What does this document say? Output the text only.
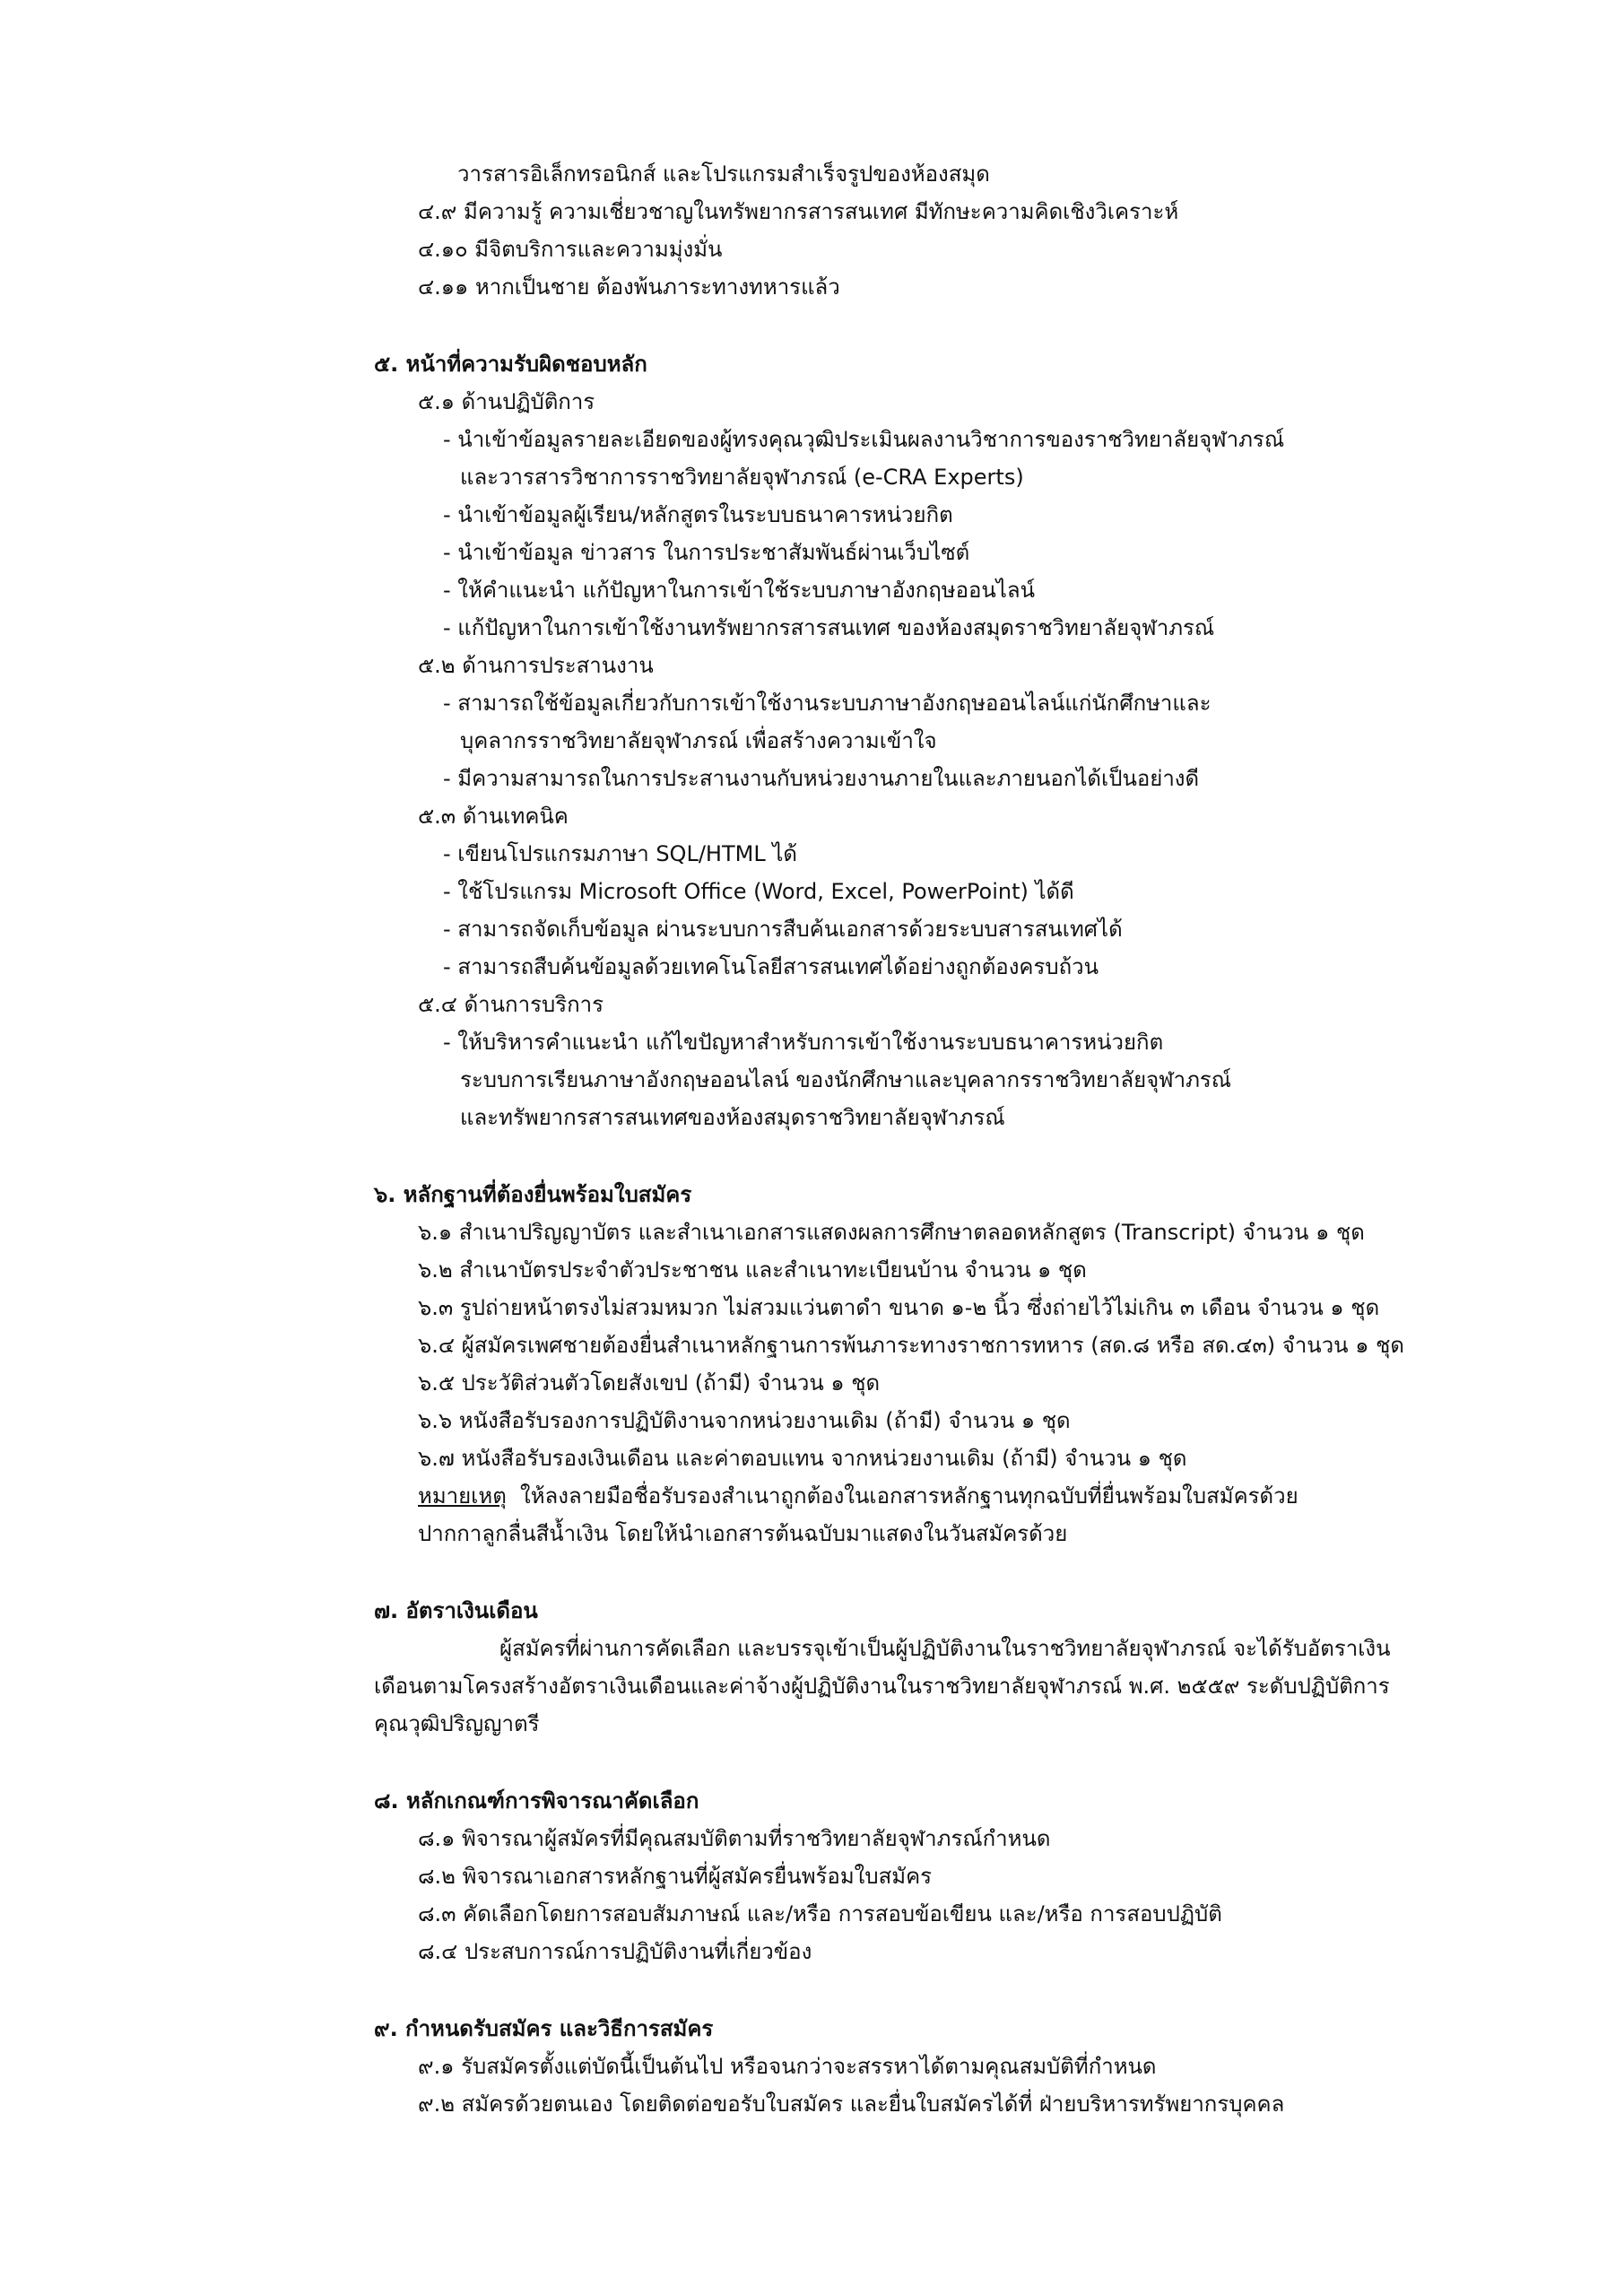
วารสารอิเล็กทรอนิกส์ และโปรแกรมสำเร็จรูปของห้องสมุด
๔.๙ มีความรู้ ความเชี่ยวชาญในทรัพยากรสารสนเทศ มีทักษะความคิดเชิงวิเคราะห์
๔.๑๐ มีจิตบริการและความมุ่งมั่น
๔.๑๑ หากเป็นชาย ต้องพ้นภาระทางทหารแล้ว
๕. หน้าที่ความรับผิดชอบหลัก
๕.๑ ด้านปฏิบัติการ
- นำเข้าข้อมูลรายละเอียดของผู้ทรงคุณวุฒิประเมินผลงานวิชาการของราชวิทยาลัยจุฬาภรณ์
และวารสารวิชาการราชวิทยาลัยจุฬาภรณ์ (e-CRA Experts)
- นำเข้าข้อมูลผู้เรียน/หลักสูตรในระบบธนาคารหน่วยกิต
- นำเข้าข้อมูล ข่าวสาร ในการประชาสัมพันธ์ผ่านเว็บไซต์
- ให้คำแนะนำ แก้ปัญหาในการเข้าใช้ระบบภาษาอังกฤษออนไลน์
- แก้ปัญหาในการเข้าใช้งานทรัพยากรสารสนเทศ ของห้องสมุดราชวิทยาลัยจุฬาภรณ์
๕.๒ ด้านการประสานงาน
- สามารถใช้ข้อมูลเกี่ยวกับการเข้าใช้งานระบบภาษาอังกฤษออนไลน์แก่นักศึกษาและ
บุคลากรราชวิทยาลัยจุฬาภรณ์ เพื่อสร้างความเข้าใจ
- มีความสามารถในการประสานงานกับหน่วยงานภายในและภายนอกได้เป็นอย่างดี
๕.๓ ด้านเทคนิค
- เขียนโปรแกรมภาษา SQL/HTML ได้
- ใช้โปรแกรม Microsoft Office (Word, Excel, PowerPoint) ได้ดี
- สามารถจัดเก็บข้อมูล ผ่านระบบการสืบค้นเอกสารด้วยระบบสารสนเทศได้
- สามารถสืบค้นข้อมูลด้วยเทคโนโลยีสารสนเทศได้อย่างถูกต้องครบถ้วน
๕.๔ ด้านการบริการ
- ให้บริหารคำแนะนำ แก้ไขปัญหาสำหรับการเข้าใช้งานระบบธนาคารหน่วยกิต
ระบบการเรียนภาษาอังกฤษออนไลน์ ของนักศึกษาและบุคลากรราชวิทยาลัยจุฬาภรณ์
และทรัพยากรสารสนเทศของห้องสมุดราชวิทยาลัยจุฬาภรณ์
๖. หลักฐานที่ต้องยื่นพร้อมใบสมัคร
๖.๑ สำเนาปริญญาบัตร และสำเนาเอกสารแสดงผลการศึกษาตลอดหลักสูตร (Transcript) จำนวน ๑ ชุด
๖.๒ สำเนาบัตรประจำตัวประชาชน และสำเนาทะเบียนบ้าน จำนวน ๑ ชุด
๖.๓ รูปถ่ายหน้าตรงไม่สวมหมวก ไม่สวมแว่นตาดำ ขนาด ๑-๒ นิ้ว ซึ่งถ่ายไว้ไม่เกิน ๓ เดือน จำนวน ๑ ชุด
๖.๔ ผู้สมัครเพศชายต้องยื่นสำเนาหลักฐานการพ้นภาระทางราชการทหาร (สด.๘ หรือ สด.๔๓) จำนวน ๑ ชุด
๖.๕ ประวัติส่วนตัวโดยสังเขป (ถ้ามี) จำนวน ๑ ชุด
๖.๖ หนังสือรับรองการปฏิบัติงานจากหน่วยงานเดิม (ถ้ามี) จำนวน ๑ ชุด
๖.๗ หนังสือรับรองเงินเดือน และค่าตอบแทน จากหน่วยงานเดิม (ถ้ามี) จำนวน ๑ ชุด
หมายเหตุ ให้ลงลายมือชื่อรับรองสำเนาถูกต้องในเอกสารหลักฐานทุกฉบับที่ยื่นพร้อมใบสมัครด้วย
ปากกาลูกลื่นสีน้ำเงิน โดยให้นำเอกสารต้นฉบับมาแสดงในวันสมัครด้วย
๗. อัตราเงินเดือน
ผู้สมัครที่ผ่านการคัดเลือก และบรรจุเข้าเป็นผู้ปฏิบัติงานในราชวิทยาลัยจุฬาภรณ์ จะได้รับอัตราเงิน
เดือนตามโครงสร้างอัตราเงินเดือนและค่าจ้างผู้ปฏิบัติงานในราชวิทยาลัยจุฬาภรณ์ พ.ศ. ๒๕๕๙ ระดับปฏิบัติการ
คุณวุฒิปริญญาตรี
๘. หลักเกณฑ์การพิจารณาคัดเลือก
๘.๑ พิจารณาผู้สมัครที่มีคุณสมบัติตามที่ราชวิทยาลัยจุฬาภรณ์กำหนด
๘.๒ พิจารณาเอกสารหลักฐานที่ผู้สมัครยื่นพร้อมใบสมัคร
๘.๓ คัดเลือกโดยการสอบสัมภาษณ์ และ/หรือ การสอบข้อเขียน และ/หรือ การสอบปฏิบัติ
๘.๔ ประสบการณ์การปฏิบัติงานที่เกี่ยวข้อง
๙. กำหนดรับสมัคร และวิธีการสมัคร
๙.๑ รับสมัครตั้งแต่บัดนี้เป็นต้นไป หรือจนกว่าจะสรรหาได้ตามคุณสมบัติที่กำหนด
๙.๒ สมัครด้วยตนเอง โดยติดต่อขอรับใบสมัคร และยื่นใบสมัครได้ที่ ฝ่ายบริหารทรัพยากรบุคคล
